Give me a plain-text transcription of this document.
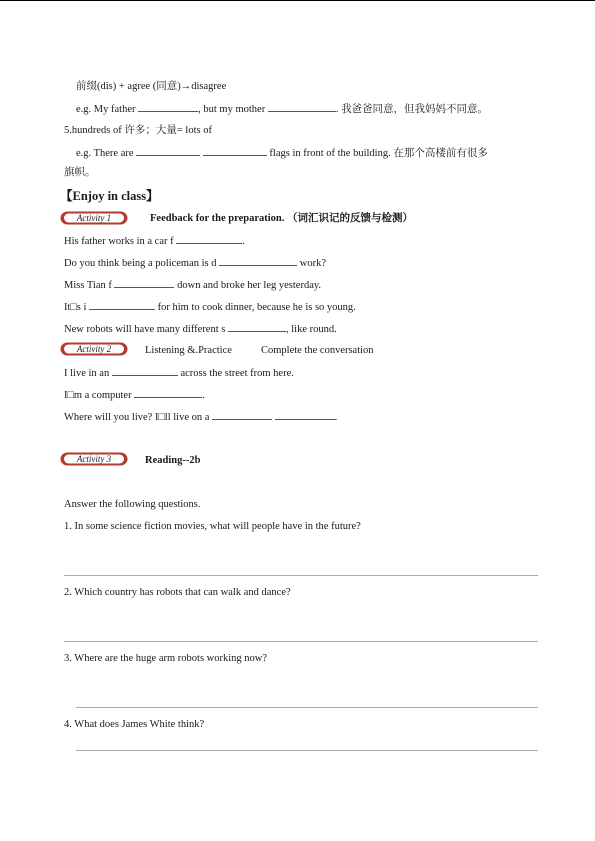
前缀(dis) + agree (同意)→disagree
e.g. My father	, but my mother	. 我爸爸同意，但我妈妈不同意。
5.hundreds of 许多；大量= lots of
e.g. There are	flags in front of the building. 在那个高楼前有很多
旗帜。
【Enjoy in class】
Activity 1	Feedback for the preparation. （词汇识记的反馈与检测）
His father works in a car f	.
Do you think being a policeman is d	work?
Miss Tian f	down and broke her leg yesterday.
It□s i	for him to cook dinner, because he is so young.
New robots will have many different s	, like round.
Activity 2	Listening &.Practice	Complete the conversation
I live in an	across the street from here.
I□m a computer	.
Where will you live? I□ll live on a	.
Activity 3	Reading--2b
Answer the following questions.
1. In some science fiction movies, what will people have in the future?
2. Which country has robots that can walk and dance?
3. Where are the huge arm robots working now?
4. What does James White think?
